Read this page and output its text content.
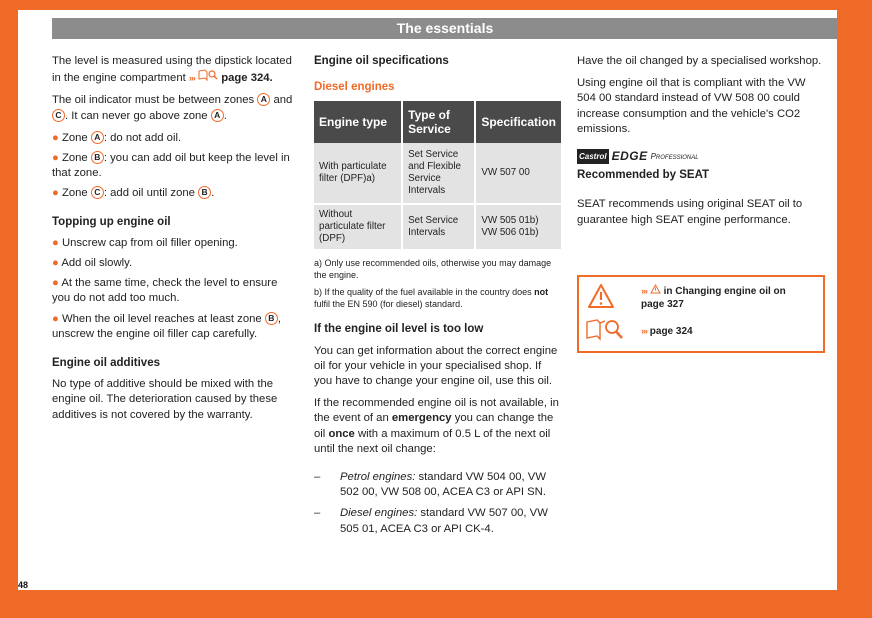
The essentials

The level is measured using the dipstick located in the engine compartment ››› page 324.

The oil indicator must be between zones A and C . It can never go above zone A .

● Zone A : do not add oil.

● Zone B : you can add oil but keep the level in that zone.

● Zone C : add oil until zone B .

Topping up engine oil

● Unscrew cap from oil filler opening.

● Add oil slowly.

● At the same time, check the level to ensure you do not add too much.

● When the oil level reaches at least zone B , unscrew the engine oil filler cap carefully.

Engine oil additives

No type of additive should be mixed with the engine oil. The deterioration caused by these additives is not covered by the warranty.

Engine oil specifications
Diesel engines
Engine type	Type of Service	Specification
With particulate filter (DPF)a)	Set Service and Flexible Service Intervals	VW 507 00
Without particulate filter (DPF)	Set Service Intervals	VW 505 01b) VW 506 01b)

a) Only use recommended oils, otherwise you may damage the engine.

b) If the quality of the fuel available in the country does not fulfil the EN 590 (for diesel) standard.

If the engine oil level is too low

You can get information about the correct engine oil for your vehicle in your specialised shop. If you have to change your engine oil, use this oil.

If the recommended engine oil is not available, in the event of an emergency you can change the oil once with a maximum of 0.5 L of the next oil until the next oil change:

–	Petrol engines: standard VW 504 00, VW 502 00, VW 508 00, ACEA C3 or API SN.
–	Diesel engines: standard VW 507 00, VW 505 01, ACEA C3 or API CK-4.

Have the oil changed by a specialised workshop.

Using engine oil that is compliant with the VW 504 00 standard instead of VW 508 00 could increase consumption and the vehicle's CO2 emissions.

Castrol EDGE Professional
Recommended by SEAT

SEAT recommends using original SEAT oil to guarantee high SEAT engine performance.

››› in Changing engine oil on page 327
››› page 324
48
